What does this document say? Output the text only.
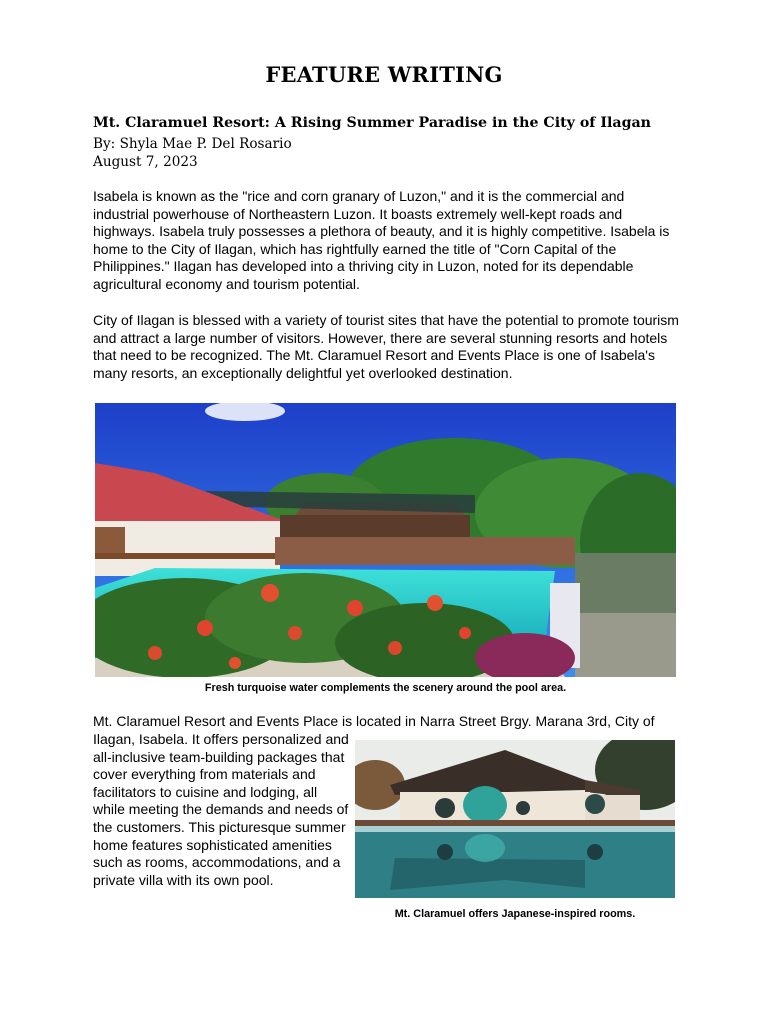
FEATURE WRITING
Mt. Claramuel Resort: A Rising Summer Paradise in the City of Ilagan
By: Shyla Mae P. Del Rosario
August 7, 2023

Isabela is known as the "rice and corn granary of Luzon," and it is the commercial and industrial powerhouse of Northeastern Luzon. It boasts extremely well-kept roads and highways. Isabela truly possesses a plethora of beauty, and it is highly competitive. Isabela is home to the City of Ilagan, which has rightfully earned the title of "Corn Capital of the Philippines." Ilagan has developed into a thriving city in Luzon, noted for its dependable agricultural economy and tourism potential.

City of Ilagan is blessed with a variety of tourist sites that have the potential to promote tourism and attract a large number of visitors. However, there are several stunning resorts and hotels that need to be recognized. The Mt. Claramuel Resort and Events Place is one of Isabela's many resorts, an exceptionally delightful yet overlooked destination.

Fresh turquoise water complements the scenery around the pool area.
Mt. Claramuel Resort and Events Place is located in Narra Street Brgy. Marana 3rd, City of
Ilagan, Isabela. It offers personalized and all-inclusive team-building packages that cover everything from materials and facilitators to cuisine and lodging, all while meeting the demands and needs of the customers. This picturesque summer home features sophisticated amenities such as rooms, accommodations, and a private villa with its own pool.
Mt. Claramuel offers Japanese-inspired rooms.
